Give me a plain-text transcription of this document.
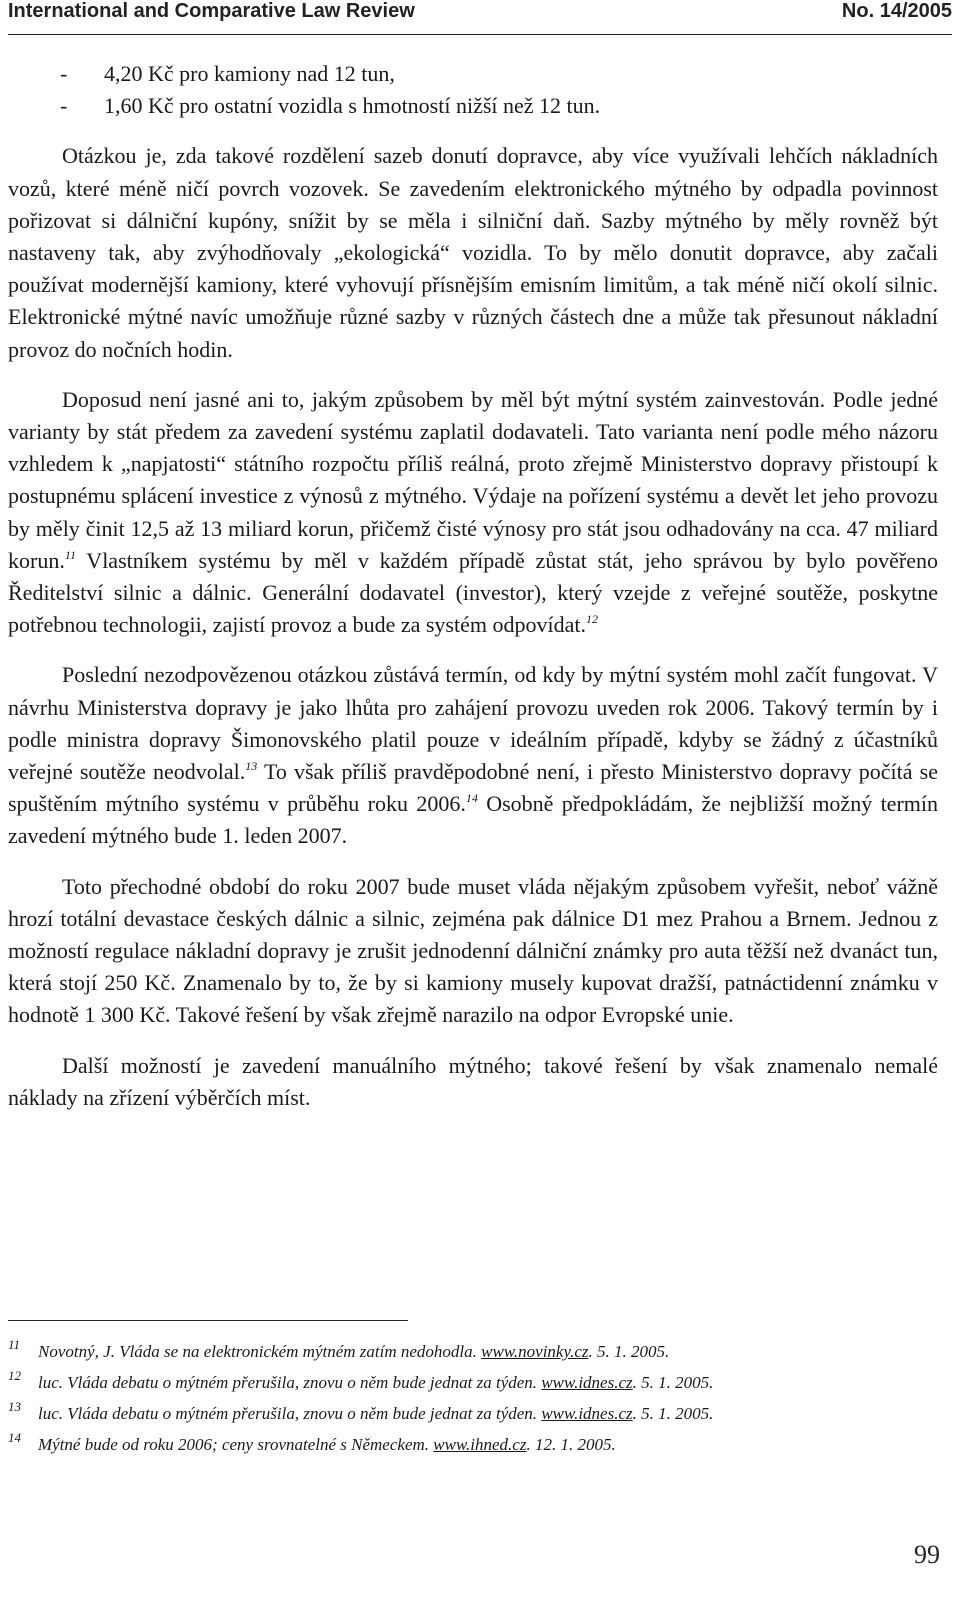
International and Comparative Law Review	No. 14/2005
-	4,20 Kč pro kamiony nad 12 tun,
-	1,60 Kč pro ostatní vozidla s hmotností nižší než 12 tun.

Otázkou je, zda takové rozdělení sazeb donutí dopravce, aby více využívali lehčích nákladních vozů, které méně ničí povrch vozovek. Se zavedením elektronického mýtného by odpadla povinnost pořizovat si dálniční kupóny, snížit by se měla i silniční daň. Sazby mýtného by měly rovněž být nastaveny tak, aby zvýhodňovaly „ekologická“ vozidla. To by mělo donutit dopravce, aby začali používat modernější kamiony, které vyhovují přísnějším emisním limitům, a tak méně ničí okolí silnic. Elektronické mýtné navíc umožňuje různé sazby v různých částech dne a může tak přesunout nákladní provoz do nočních hodin.

Doposud není jasné ani to, jakým způsobem by měl být mýtní systém zainvestován. Podle jedné varianty by stát předem za zavedení systému zaplatil dodavateli. Tato varianta není podle mého názoru vzhledem k „napjatosti“ státního rozpočtu příliš reálná, proto zřejmě Ministerstvo dopravy přistoupí k postupnému splácení investice z výnosů z mýtného. Výdaje na pořízení systému a devět let jeho provozu by měly činit 12,5 až 13 miliard korun, přičemž čisté výnosy pro stát jsou odhadovány na cca. 47 miliard korun.$^{11}$ Vlastníkem systému by měl v každém případě zůstat stát, jeho správou by bylo pověřeno Ředitelství silnic a dálnic. Generální dodavatel (investor), který vzejde z veřejné soutěže, poskytne potřebnou technologii, zajistí provoz a bude za systém odpovídat.$^{12}$

Poslední nezodpovězenou otázkou zůstává termín, od kdy by mýtní systém mohl začít fungovat. V návrhu Ministerstva dopravy je jako lhůta pro zahájení provozu uveden rok 2006. Takový termín by i podle ministra dopravy Šimonovského platil pouze v ideálním případě, kdyby se žádný z účastníků veřejné soutěže neodvolal.$^{13}$ To však příliš pravděpodobné není, i přesto Ministerstvo dopravy počítá se spuštěním mýtního systému v průběhu roku 2006.14 Osobně předpokládám, že nejbližší možný termín zavedení mýtného bude 1. leden 2007.

Toto přechodné období do roku 2007 bude muset vláda nějakým způsobem vyřešit, neboť vážně hrozí totální devastace českých dálnic a silnic, zejména pak dálnice D1 mez Prahou a Brnem. Jednou z možností regulace nákladní dopravy je zrušit jednodenní dálniční známky pro auta těžší než dvanáct tun, která stojí 250 Kč. Znamenalo by to, že by si kamiony musely kupovat dražší, patnáctidenní známku v hodnotě 1 300 Kč. Takové řešení by však zřejmě narazilo na odpor Evropské unie.

Další možností je zavedení manuálního mýtného; takové řešení by však znamenalo nemalé náklady na zřízení výběrčích míst.

11 Novotný, J. Vláda se na elektronickém mýtném zatím nedohodla. www.novinky.cz. 5. 1. 2005.
12 luc. Vláda debatu o mýtném přerušila, znovu o něm bude jednat za týden. www.idnes.cz. 5. 1. 2005.
13 luc. Vláda debatu o mýtném přerušila, znovu o něm bude jednat za týden. www.idnes.cz. 5. 1. 2005.
14 Mýtné bude od roku 2006; ceny srovnatelné s Německem. www.ihned.cz. 12. 1. 2005.
99
